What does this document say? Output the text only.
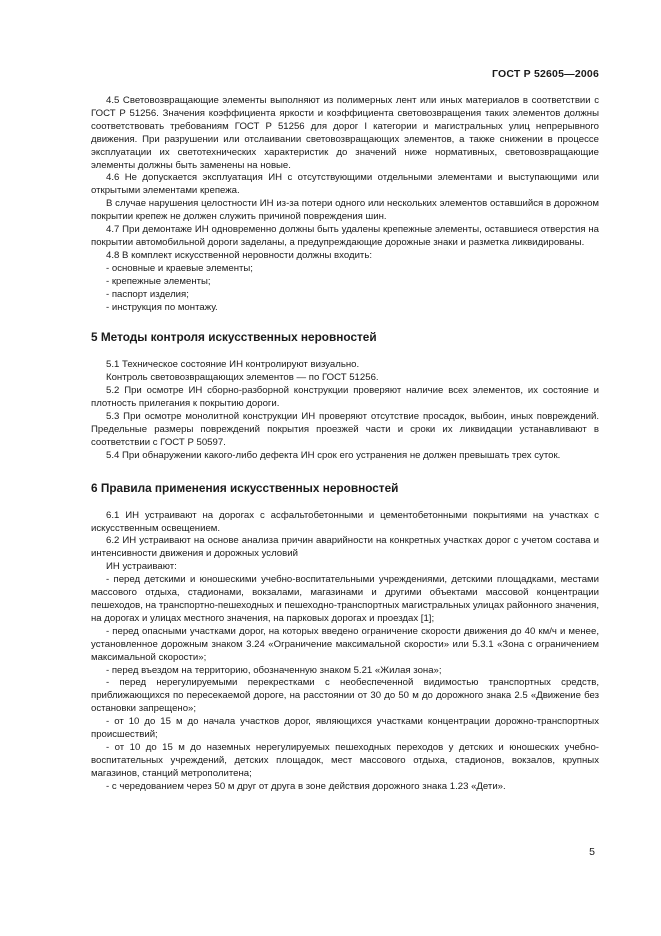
ГОСТ Р 52605—2006

4.5 Световозвращающие элементы выполняют из полимерных лент или иных материалов в соответствии с ГОСТ Р 51256. Значения коэффициента яркости и коэффициента световозвращения таких элементов должны соответствовать требованиям ГОСТ Р 51256 для дорог I категории и магистральных улиц непрерывного движения. При разрушении или отслаивании световозвращающих элементов, а также снижении в процессе эксплуатации их светотехнических характеристик до значений ниже нормативных, световозвращающие элементы должны быть заменены на новые.

4.6 Не допускается эксплуатация ИН с отсутствующими отдельными элементами и выступающими или открытыми элементами крепежа.

В случае нарушения целостности ИН из-за потери одного или нескольких элементов оставшийся в дорожном покрытии крепеж не должен служить причиной повреждения шин.

4.7 При демонтаже ИН одновременно должны быть удалены крепежные элементы, оставшиеся отверстия на покрытии автомобильной дороги заделаны, а предупреждающие дорожные знаки и разметка ликвидированы.

4.8 В комплект искусственной неровности должны входить:

- основные и краевые элементы;

- крепежные элементы;

- паспорт изделия;

- инструкция по монтажу.

5 Методы контроля искусственных неровностей

5.1 Техническое состояние ИН контролируют визуально.

Контроль световозвращающих элементов — по ГОСТ 51256.

5.2 При осмотре ИН сборно-разборной конструкции проверяют наличие всех элементов, их состояние и плотность прилегания к покрытию дороги.

5.3 При осмотре монолитной конструкции ИН проверяют отсутствие просадок, выбоин, иных повреждений. Предельные размеры повреждений покрытия проезжей части и сроки их ликвидации устанавливают в соответствии с ГОСТ Р 50597.

5.4 При обнаружении какого-либо дефекта ИН срок его устранения не должен превышать трех суток.

6 Правила применения искусственных неровностей

6.1 ИН устраивают на дорогах с асфальтобетонными и цементобетонными покрытиями на участках с искусственным освещением.

6.2 ИН устраивают на основе анализа причин аварийности на конкретных участках дорог с учетом состава и интенсивности движения и дорожных условий

ИН устраивают:

- перед детскими и юношескими учебно-воспитательными учреждениями, детскими площадками, местами массового отдыха, стадионами, вокзалами, магазинами и другими объектами массовой концентрации пешеходов, на транспортно-пешеходных и пешеходно-транспортных магистральных улицах районного значения, на дорогах и улицах местного значения, на парковых дорогах и проездах [1];

- перед опасными участками дорог, на которых введено ограничение скорости движения до 40 км/ч и менее, установленное дорожным знаком 3.24 «Ограничение максимальной скорости» или 5.3.1 «Зона с ограничением максимальной скорости»;

- перед въездом на территорию, обозначенную знаком 5.21 «Жилая зона»;

- перед нерегулируемыми перекрестками с необеспеченной видимостью транспортных средств, приближающихся по пересекаемой дороге, на расстоянии от 30 до 50 м до дорожного знака 2.5 «Движение без остановки запрещено»;

- от 10 до 15 м до начала участков дорог, являющихся участками концентрации дорожно-транспортных происшествий;

- от 10 до 15 м до наземных нерегулируемых пешеходных переходов у детских и юношеских учебно-воспитательных учреждений, детских площадок, мест массового отдыха, стадионов, вокзалов, крупных магазинов, станций метрополитена;

- с чередованием через 50 м друг от друга в зоне действия дорожного знака 1.23 «Дети».

5
